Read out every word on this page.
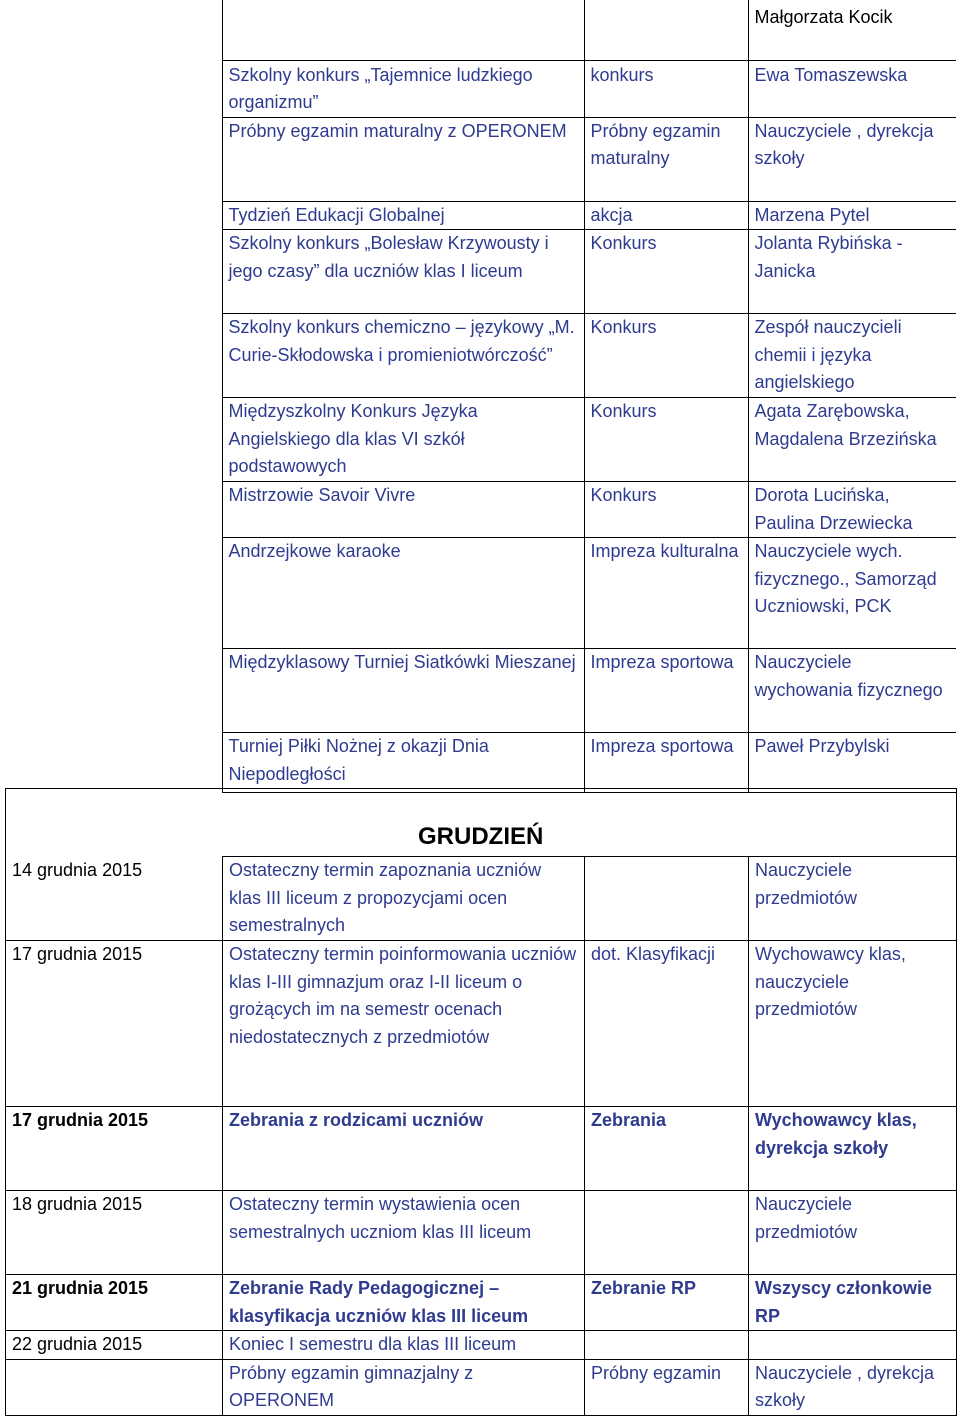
			Małgorzata Kocik
	Szkolny konkurs „Tajemnice ludzkiego organizmu”	konkurs	Ewa Tomaszewska
	Próbny egzamin maturalny z OPERONEM	Próbny egzamin maturalny	Nauczyciele , dyrekcja szkoły
	Tydzień Edukacji Globalnej	akcja	Marzena Pytel
	Szkolny konkurs „Bolesław Krzywousty i jego czasy” dla uczniów klas I liceum	Konkurs	Jolanta Rybińska - Janicka
	Szkolny konkurs chemiczno – językowy „M. Curie-Skłodowska i promieniotwórczość”	Konkurs	Zespół nauczycieli chemii i języka angielskiego
	Międzyszkolny Konkurs Języka Angielskiego dla klas VI szkół podstawowych	Konkurs	Agata Zarębowska, Magdalena Brzezińska
	Mistrzowie Savoir Vivre	Konkurs	Dorota Lucińska, Paulina Drzewiecka
	Andrzejkowe karaoke	Impreza kulturalna	Nauczyciele wych. fizycznego., Samorząd Uczniowski, PCK
	Międzyklasowy Turniej Siatkówki Mieszanej	Impreza sportowa	Nauczyciele wychowania fizycznego
	Turniej Piłki Nożnej z okazji Dnia Niepodległości	Impreza sportowa	Paweł Przybylski
GRUDZIEŃ

14 grudnia 2015	Ostateczny termin zapoznania uczniów klas III liceum z propozycjami ocen semestralnych		Nauczyciele przedmiotów
17 grudnia 2015	Ostateczny termin poinformowania uczniów klas I-III gimnazjum oraz I-II liceum o grożących im na semestr ocenach niedostatecznych z przedmiotów	dot. Klasyfikacji	Wychowawcy klas, nauczyciele przedmiotów
17 grudnia 2015	Zebrania z rodzicami uczniów	Zebrania	Wychowawcy klas, dyrekcja szkoły
18 grudnia 2015	Ostateczny termin wystawienia ocen semestralnych uczniom klas III liceum		Nauczyciele przedmiotów
21 grudnia 2015	Zebranie Rady Pedagogicznej – klasyfikacja uczniów klas III liceum	Zebranie RP	Wszyscy członkowie RP
22 grudnia 2015	Koniec I semestru dla klas III liceum		
	Próbny egzamin gimnazjalny z OPERONEM	Próbny egzamin	Nauczyciele , dyrekcja szkoły
